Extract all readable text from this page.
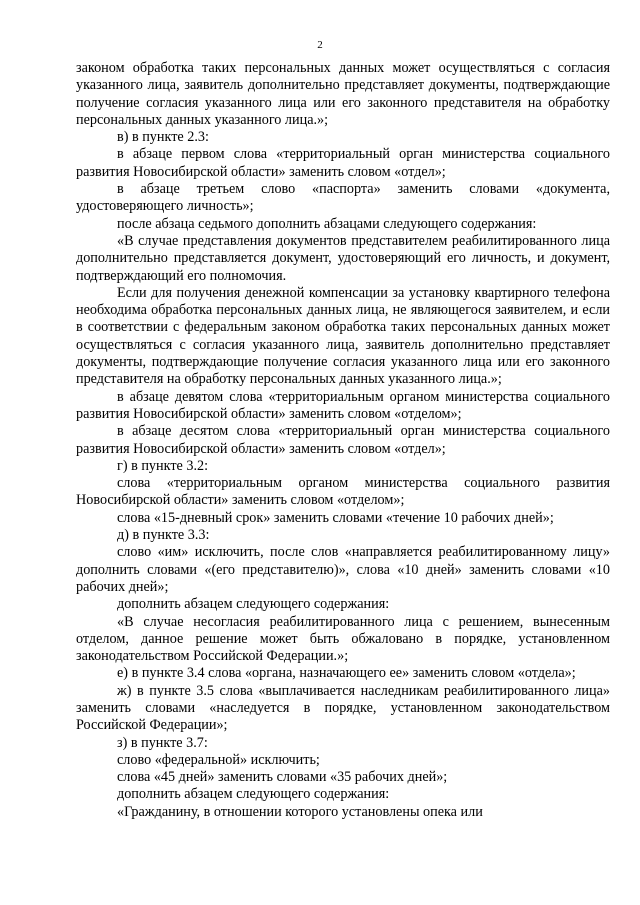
2

законом обработка таких персональных данных может осуществляться с согласия указанного лица, заявитель дополнительно представляет документы, подтверждающие получение согласия указанного лица или его законного представителя на обработку персональных данных указанного лица.»;

в) в пункте 2.3:

в абзаце первом слова «территориальный орган министерства социального развития Новосибирской области» заменить словом «отдел»;

в абзаце третьем слово «паспорта» заменить словами «документа, удостоверяющего личность»;

после абзаца седьмого дополнить абзацами следующего содержания:

«В случае представления документов представителем реабилитированного лица дополнительно представляется документ, удостоверяющий его личность, и документ, подтверждающий его полномочия.

Если для получения денежной компенсации за установку квартирного телефона необходима обработка персональных данных лица, не являющегося заявителем, и если в соответствии с федеральным законом обработка таких персональных данных может осуществляться с согласия указанного лица, заявитель дополнительно представляет документы, подтверждающие получение согласия указанного лица или его законного представителя на обработку персональных данных указанного лица.»;

в абзаце девятом слова «территориальным органом министерства социального развития Новосибирской области» заменить словом «отделом»;

в абзаце десятом слова «территориальный орган министерства социального развития Новосибирской области» заменить словом «отдел»;

г) в пункте 3.2:

слова «территориальным органом министерства социального развития Новосибирской области» заменить словом «отделом»;

слова «15-дневный срок» заменить словами «течение 10 рабочих дней»;

д) в пункте 3.3:

слово «им» исключить, после слов «направляется реабилитированному лицу» дополнить словами «(его представителю)», слова «10 дней» заменить словами «10 рабочих дней»;

дополнить абзацем следующего содержания:

«В случае несогласия реабилитированного лица с решением, вынесенным отделом, данное решение может быть обжаловано в порядке, установленном законодательством Российской Федерации.»;

е) в пункте 3.4 слова «органа, назначающего ее» заменить словом «отдела»;

ж) в пункте 3.5 слова «выплачивается наследникам реабилитированного лица» заменить словами «наследуется в порядке, установленном законодательством Российской Федерации»;

з) в пункте 3.7:

слово «федеральной» исключить;

слова «45 дней» заменить словами «35 рабочих дней»;

дополнить абзацем следующего содержания:

«Гражданину, в отношении которого установлены опека или
